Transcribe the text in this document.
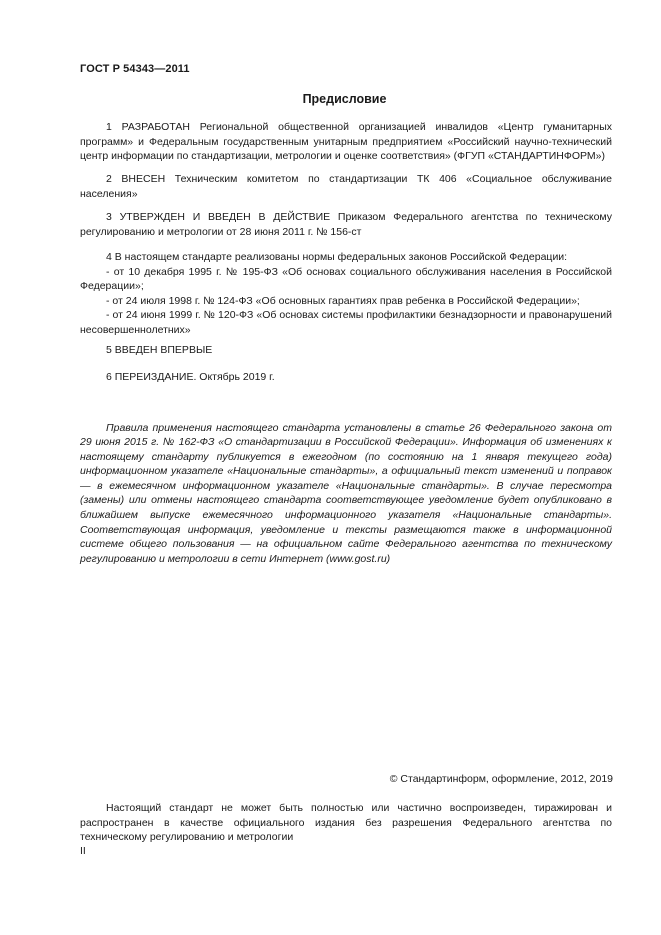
ГОСТ Р 54343—2011
Предисловие

1 РАЗРАБОТАН Региональной общественной организацией инвалидов «Центр гуманитарных программ» и Федеральным государственным унитарным предприятием «Российский научно-технический центр информации по стандартизации, метрологии и оценке соответствия» (ФГУП «СТАНДАРТИНФОРМ»)

2 ВНЕСЕН Техническим комитетом по стандартизации ТК 406 «Социальное обслуживание населения»

3 УТВЕРЖДЕН И ВВЕДЕН В ДЕЙСТВИЕ Приказом Федерального агентства по техническому регулированию и метрологии от 28 июня 2011 г. № 156-ст

4 В настоящем стандарте реализованы нормы федеральных законов Российской Федерации:

- от 10 декабря 1995 г. № 195-ФЗ «Об основах социального обслуживания населения в Российской Федерации»;

- от 24 июля 1998 г. № 124-ФЗ «Об основных гарантиях прав ребенка в Российской Федерации»;

- от 24 июня 1999 г. № 120-ФЗ «Об основах системы профилактики безнадзорности и правонарушений несовершеннолетних»

5 ВВЕДЕН ВПЕРВЫЕ

6 ПЕРЕИЗДАНИЕ. Октябрь 2019 г.

Правила применения настоящего стандарта установлены в статье 26 Федерального закона от 29 июня 2015 г. № 162-ФЗ «О стандартизации в Российской Федерации». Информация об изменениях к настоящему стандарту публикуется в ежегодном (по состоянию на 1 января текущего года) информационном указателе «Национальные стандарты», а официальный текст изменений и поправок — в ежемесячном информационном указателе «Национальные стандарты». В случае пересмотра (замены) или отмены настоящего стандарта соответствующее уведомление будет опубликовано в ближайшем выпуске ежемесячного информационного указателя «Национальные стандарты». Соответствующая информация, уведомление и тексты размещаются также в информационной системе общего пользования — на официальном сайте Федерального агентства по техническому регулированию и метрологии в сети Интернет (www.gost.ru)

© Стандартинформ, оформление, 2012, 2019

Настоящий стандарт не может быть полностью или частично воспроизведен, тиражирован и распространен в качестве официального издания без разрешения Федерального агентства по техническому регулированию и метрологии

II
